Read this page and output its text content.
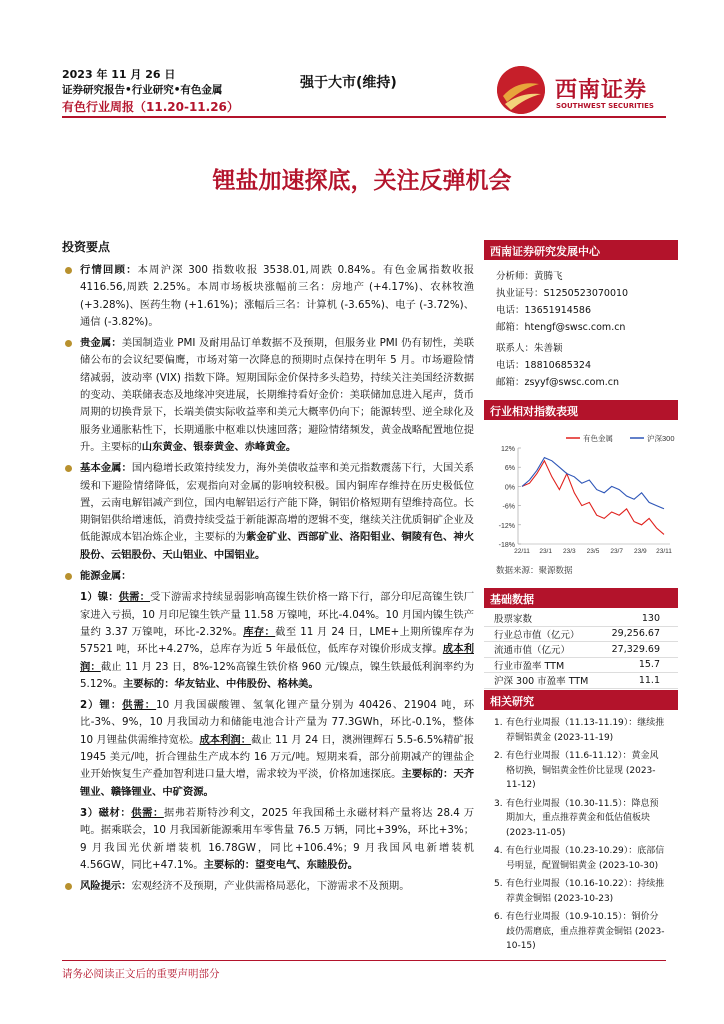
2023 年 11 月 26 日
证券研究报告•行业研究•有色金属
有色行业周报（11.20-11.26）
强于大市(维持)	西南证券
SOUTHWEST SECURITIES
锂盐加速探底，关注反弹机会
投资要点
行情回顾：本周沪深 300 指数收报 3538.01,周跌 0.84%。有色金属指数收报 4116.56,周跌 2.25%。本周市场板块涨幅前三名：房地产 (+4.17%)、农林牧渔 (+3.28%)、医药生物 (+1.61%)；涨幅后三名：计算机 (-3.65%)、电子 (-3.72%)、通信 (-3.82%)。
贵金属：美国制造业 PMI 及耐用品订单数据不及预期，但服务业 PMI 仍有韧性，美联储公布的会议纪要偏鹰，市场对第一次降息的预期时点保持在明年 5 月。市场避险情绪减弱，波动率 (VIX) 指数下降。短期国际金价保持多头趋势，持续关注美国经济数据的变动、美联储表态及地缘冲突进展，长期维持看好金价：美联储加息进入尾声，货币周期的切换背景下，长端美债实际收益率和美元大概率仍向下；能源转型、逆全球化及服务业通胀粘性下，长期通胀中枢难以快速回落；避险情绪频发，黄金战略配置地位提升。主要标的山东黄金、银泰黄金、赤峰黄金。
基本金属：国内稳增长政策持续发力，海外美债收益率和美元指数震荡下行，大国关系缓和下避险情绪降低，宏观指向对金属的影响较积极。国内铜库存维持在历史极低位置，云南电解铝减产到位，国内电解铝运行产能下降，铜铝价格短期有望维持高位。长期铜铝供给增速低，消费持续受益于新能源高增的逻辑不变，继续关注优质铜矿企业及低能源成本铝冶炼企业，主要标的为紫金矿业、西部矿业、洛阳钼业、铜陵有色、神火股份、云铝股份、天山铝业、中国铝业。
能源金属：
1）镍：供需：受下游需求持续显弱影响高镍生铁价格一路下行，部分印尼高镍生铁厂家进入亏损，10 月印尼镍生铁产量 11.58 万镍吨，环比-4.04%。10 月国内镍生铁产量约 3.37 万镍吨，环比-2.32%。库存：截至 11 月 24 日，LME+上期所镍库存为 57521 吨，环比+4.27%，总库存为近 5 年最低位，低库存对镍价形成支撑。成本利润：截止 11 月 23 日，8%-12%高镍生铁价格 960 元/镍点，镍生铁最低利润率约为 5.12%。主要标的：华友钴业、中伟股份、格林美。
2）锂：供需：10 月我国碳酸锂、氢氧化锂产量分别为 40426、21904 吨，环比-3%、9%，10 月我国动力和储能电池合计产量为 77.3GWh，环比-0.1%，整体 10 月锂盐供需维持宽松。成本利润：截止 11 月 24 日，澳洲锂辉石 5.5-6.5%精矿报 1945 美元/吨，折合锂盐生产成本约 16 万元/吨。短期来看，部分前期减产的锂盐企业开始恢复生产叠加智利进口量大增，需求较为平淡，价格加速探底。主要标的：天齐锂业、赣锋锂业、中矿资源。
3）磁材：供需：据弗若斯特沙利文，2025 年我国稀土永磁材料产量将达 28.4 万吨。据乘联会，10 月我国新能源乘用车零售量 76.5 万辆，同比+39%，环比+3%；9 月我国光伏新增装机 16.78GW，同比+106.4%；9 月我国风电新增装机 4.56GW，同比+47.1%。主要标的：望变电气、东睦股份。
风险提示：宏观经济不及预期，产业供需格局恶化，下游需求不及预期。
西南证券研究发展中心
分析师：黄腾飞
执业证号：S1250523070010
电话：13651914586
邮箱：htengf@swsc.com.cn
联系人：朱善颖
电话：18810685324
邮箱：zsyyf@swsc.com.cn
行业相对指数表现
12%
6%
0%
-6%
-12%
-18%
22/11 23/1 23/3 23/5 23/7 23/9 23/11
有色金属	沪深300
数据来源：聚源数据
基础数据
股票家数	130
行业总市值（亿元）	29,256.67
流通市值（亿元）	27,329.69
行业市盈率 TTM	15.7
沪深 300 市盈率 TTM	11.1
相关研究
1. 有色行业周报（11.13-11.19）：继续推荐铜铝黄金 (2023-11-19)
2. 有色行业周报（11.6-11.12）：黄金风格切换，铜铝黄金性价比显现 (2023-11-12)
3. 有色行业周报（10.30-11.5）：降息预期加大，重点推荐黄金和低估值板块 (2023-11-05)
4. 有色行业周报（10.23-10.29）：底部信号明显，配置铜铝黄金 (2023-10-30)
5. 有色行业周报（10.16-10.22）：持续推荐黄金铜铝 (2023-10-23)
6. 有色行业周报（10.9-10.15）：铜价分歧仍需磨底，重点推荐黄金铜铝 (2023-10-15)
请务必阅读正文后的重要声明部分
